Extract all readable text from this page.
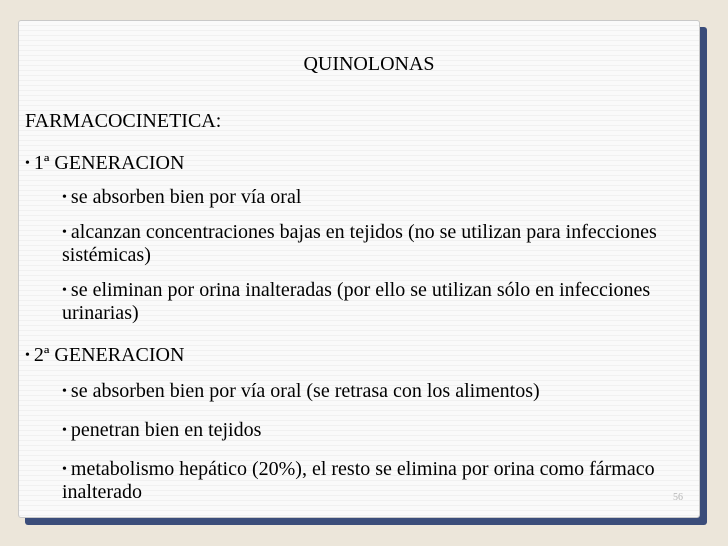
QUINOLONAS
FARMACOCINETICA:
• 1ª GENERACION
• se absorben bien por vía oral
• alcanzan concentraciones bajas en tejidos (no se utilizan para infecciones sistémicas)
• se eliminan por orina inalteradas (por ello se utilizan sólo en infecciones urinarias)
• 2ª GENERACION
• se absorben bien por vía oral (se retrasa con los alimentos)
• penetran bien en tejidos
• metabolismo hepático (20%), el resto se elimina por orina como fármaco inalterado	56
